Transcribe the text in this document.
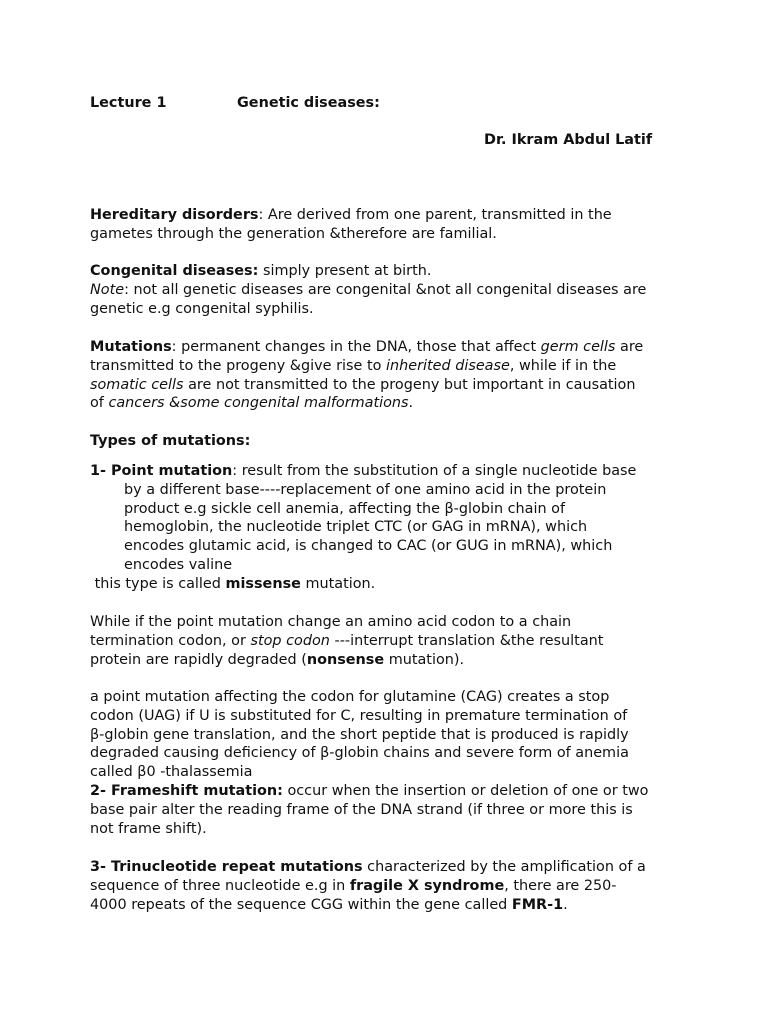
Lecture 1	Genetic diseases:
Dr. Ikram Abdul Latif
Hereditary disorders: Are derived from one parent, transmitted in the
gametes through the generation &therefore are familial.
Congenital diseases: simply present at birth.
Note: not all genetic diseases are congenital &not all congenital diseases are
genetic e.g congenital syphilis.
Mutations: permanent changes in the DNA, those that affect germ cells are
transmitted to the progeny &give rise to inherited disease, while if in the
somatic cells are not transmitted to the progeny but important in causation
of cancers &some congenital malformations.
Types of mutations:
1- Point mutation: result from the substitution of a single nucleotide base
by a different base----replacement of one amino acid in the protein
product e.g sickle cell anemia, affecting the β-globin chain of
hemoglobin, the nucleotide triplet CTC (or GAG in mRNA), which
encodes glutamic acid, is changed to CAC (or GUG in mRNA), which
encodes valine
this type is called missense mutation.
While if the point mutation change an amino acid codon to a chain
termination codon, or stop codon ---interrupt translation &the resultant
protein are rapidly degraded (nonsense mutation).
a point mutation affecting the codon for glutamine (CAG) creates a stop
codon (UAG) if U is substituted for C, resulting in premature termination of
β-globin gene translation, and the short peptide that is produced is rapidly
degraded causing deficiency of β-globin chains and severe form of anemia
called β0 -thalassemia
2- Frameshift mutation: occur when the insertion or deletion of one or two
base pair alter the reading frame of the DNA strand (if three or more this is
not frame shift).
3- Trinucleotide repeat mutations characterized by the amplification of a
sequence of three nucleotide e.g in fragile X syndrome, there are 250-
4000 repeats of the sequence CGG within the gene called FMR-1.
